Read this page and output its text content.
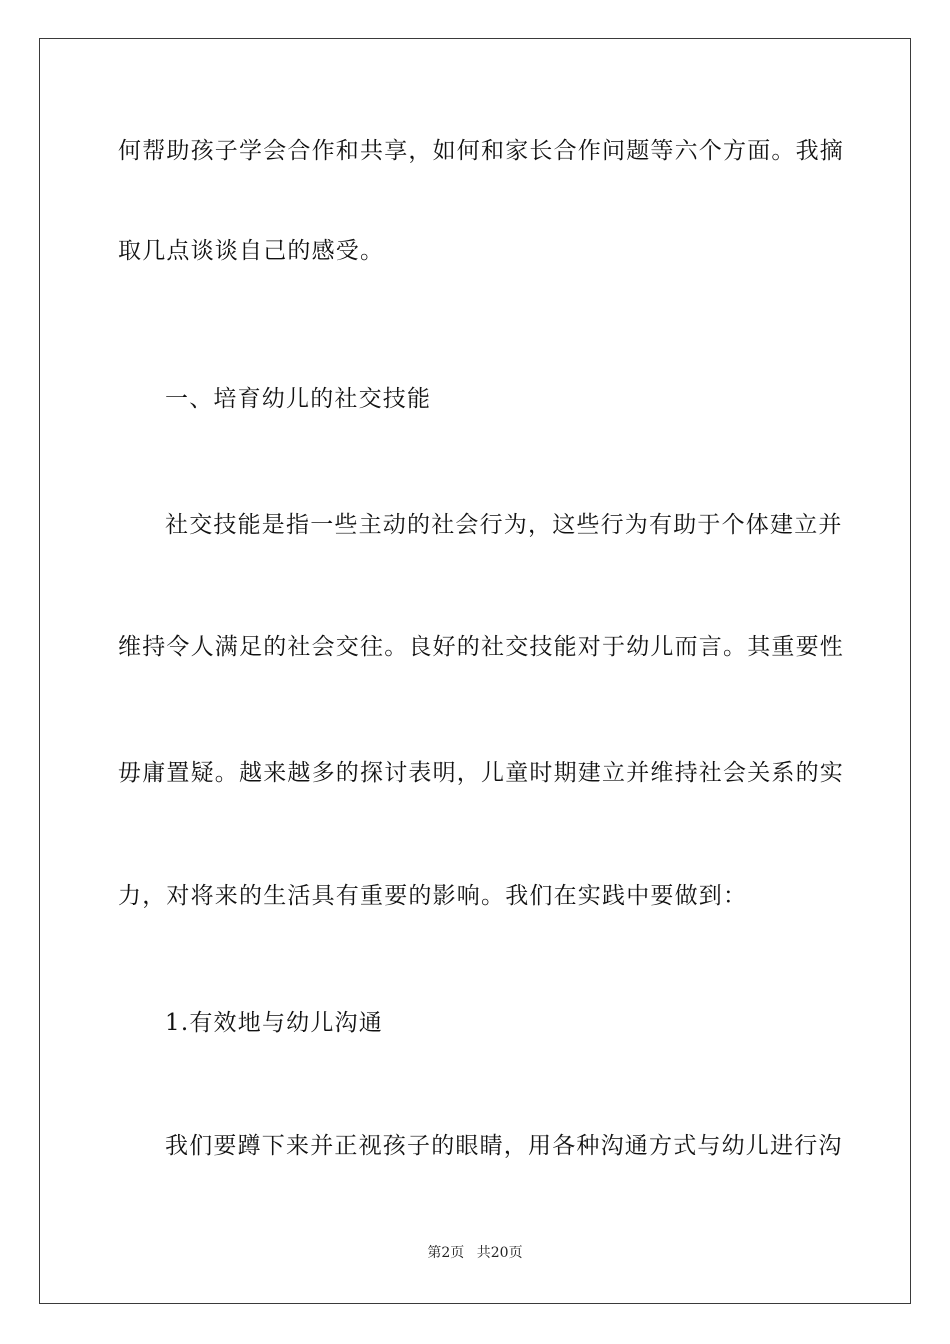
何帮助孩子学会合作和共享，如何和家长合作问题等六个方面。我摘
取几点谈谈自己的感受。
一、培育幼儿的社交技能
社交技能是指一些主动的社会行为，这些行为有助于个体建立并
维持令人满足的社会交往。良好的社交技能对于幼儿而言。其重要性
毋庸置疑。越来越多的探讨表明，儿童时期建立并维持社会关系的实
力，对将来的生活具有重要的影响。我们在实践中要做到：
1.有效地与幼儿沟通
我们要蹲下来并正视孩子的眼睛，用各种沟通方式与幼儿进行沟
第2页 共20页
